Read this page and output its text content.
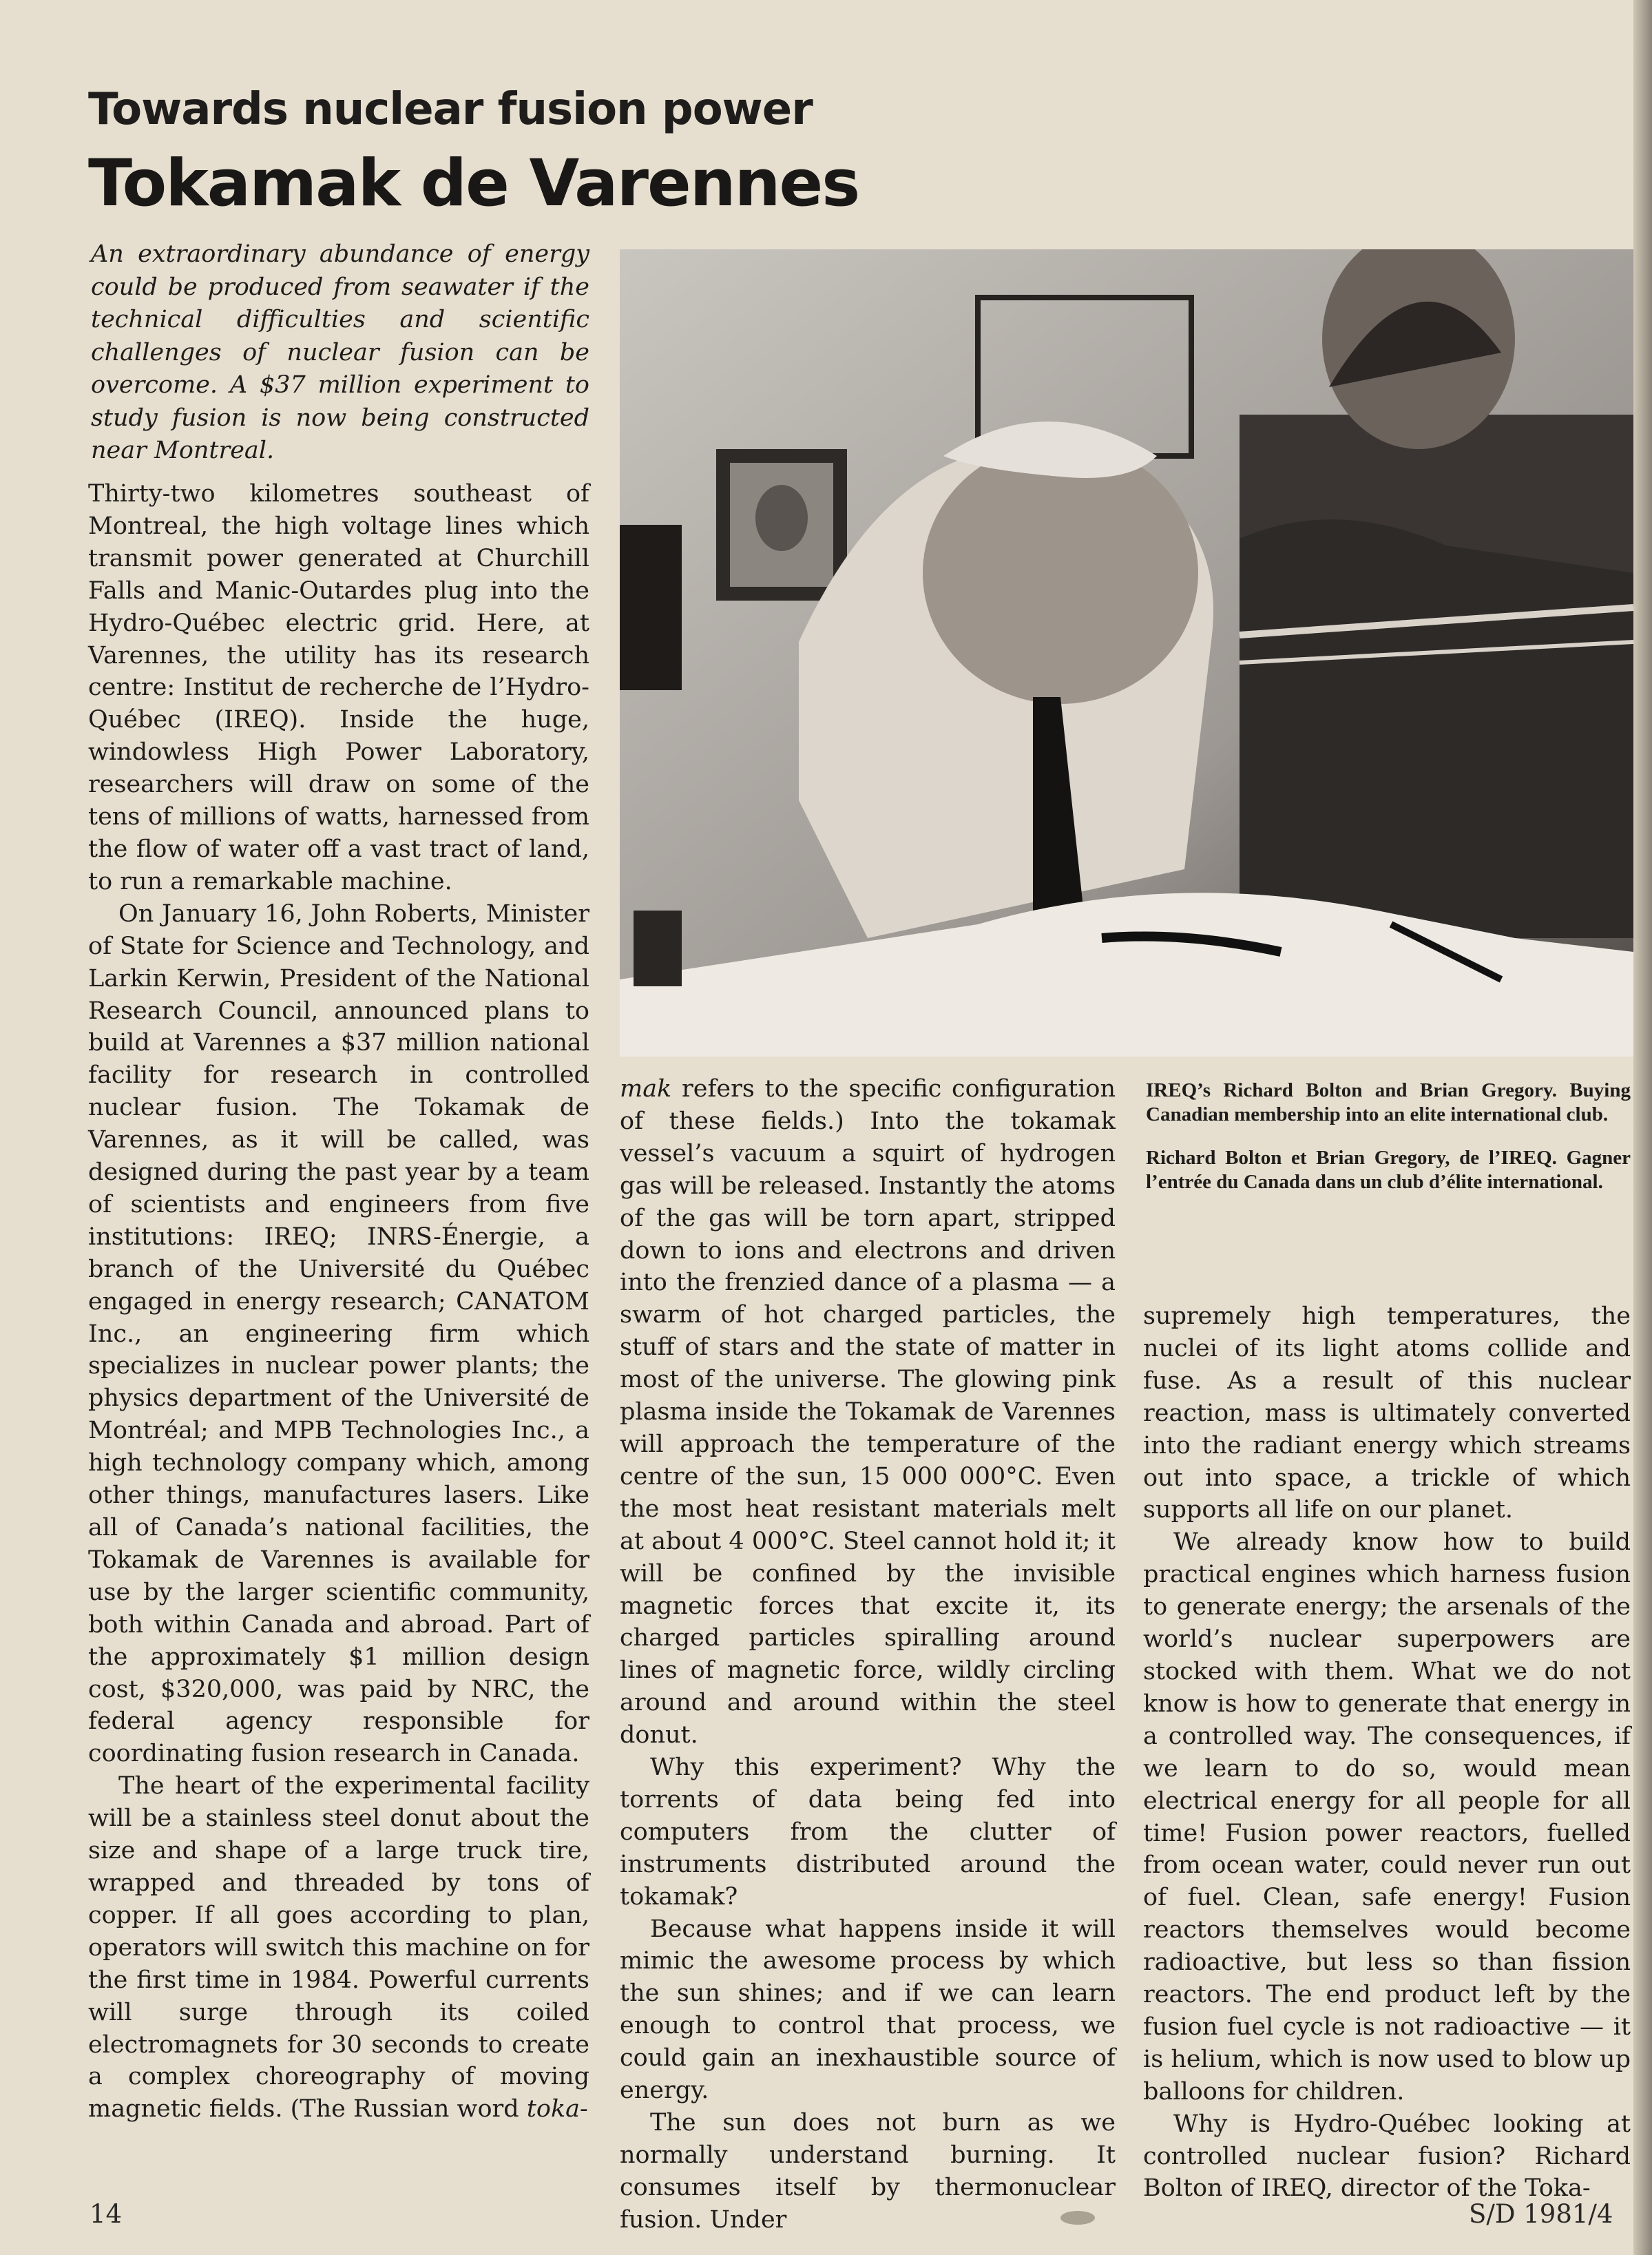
Towards nuclear fusion power
Tokamak de Varennes
An extraordinary abundance of energy could be produced from seawater if the technical difficulties and scientific challenges of nuclear fusion can be overcome. A $37 million experiment to study fusion is now being constructed near Montreal.

Thirty-two kilometres southeast of Montreal, the high voltage lines which transmit power generated at Churchill Falls and Manic-Outardes plug into the Hydro-Québec electric grid. Here, at Varennes, the utility has its research centre: Institut de recherche de l’Hydro-Québec (IREQ). Inside the huge, windowless High Power Laboratory, researchers will draw on some of the tens of millions of watts, harnessed from the flow of water off a vast tract of land, to run a remarkable machine.

On January 16, John Roberts, Minister of State for Science and Technology, and Larkin Kerwin, President of the National Research Council, announced plans to build at Varennes a $37 million national facility for research in controlled nuclear fusion. The Tokamak de Varennes, as it will be called, was designed during the past year by a team of scientists and engineers from five institutions: IREQ; INRS-Énergie, a branch of the Université du Québec engaged in energy research; CANATOM Inc., an engineering firm which specializes in nuclear power plants; the physics department of the Université de Montréal; and MPB Technologies Inc., a high technology company which, among other things, manufactures lasers. Like all of Canada’s national facilities, the Tokamak de Varennes is available for use by the larger scientific community, both within Canada and abroad. Part of the approximately $1 million design cost, $320,000, was paid by NRC, the federal agency responsible for coordinating fusion research in Canada.

The heart of the experimental facility will be a stainless steel donut about the size and shape of a large truck tire, wrapped and threaded by tons of copper. If all goes according to plan, operators will switch this machine on for the first time in 1984. Powerful currents will surge through its coiled electromagnets for 30 seconds to create a complex choreography of moving magnetic fields. (The Russian word toka-

mak refers to the specific configuration of these fields.) Into the tokamak vessel’s vacuum a squirt of hydrogen gas will be released. Instantly the atoms of the gas will be torn apart, stripped down to ions and electrons and driven into the frenzied dance of a plasma — a swarm of hot charged particles, the stuff of stars and the state of matter in most of the universe. The glowing pink plasma inside the Tokamak de Varennes will approach the temperature of the centre of the sun, 15 000 000°C. Even the most heat resistant materials melt at about 4 000°C. Steel cannot hold it; it will be confined by the invisible magnetic forces that excite it, its charged particles spiralling around lines of magnetic force, wildly circling around and around within the steel donut.

Why this experiment? Why the torrents of data being fed into computers from the clutter of instruments distributed around the tokamak?

Because what happens inside it will mimic the awesome process by which the sun shines; and if we can learn enough to control that process, we could gain an inexhaustible source of energy.

The sun does not burn as we normally understand burning. It consumes itself by thermonuclear fusion. Under

IREQ’s Richard Bolton and Brian Gregory. Buying Canadian membership into an elite international club.

Richard Bolton et Brian Gregory, de l’IREQ. Gagner l’entrée du Canada dans un club d’élite international.

supremely high temperatures, the nuclei of its light atoms collide and fuse. As a result of this nuclear reaction, mass is ultimately converted into the radiant energy which streams out into space, a trickle of which supports all life on our planet.

We already know how to build practical engines which harness fusion to generate energy; the arsenals of the world’s nuclear superpowers are stocked with them. What we do not know is how to generate that energy in a controlled way. The consequences, if we learn to do so, would mean electrical energy for all people for all time! Fusion power reactors, fuelled from ocean water, could never run out of fuel. Clean, safe energy! Fusion reactors themselves would become radioactive, but less so than fission reactors. The end product left by the fusion fuel cycle is not radioactive — it is helium, which is now used to blow up balloons for children.

Why is Hydro-Québec looking at controlled nuclear fusion? Richard Bolton of IREQ, director of the Toka-

14	S/D 1981/4
